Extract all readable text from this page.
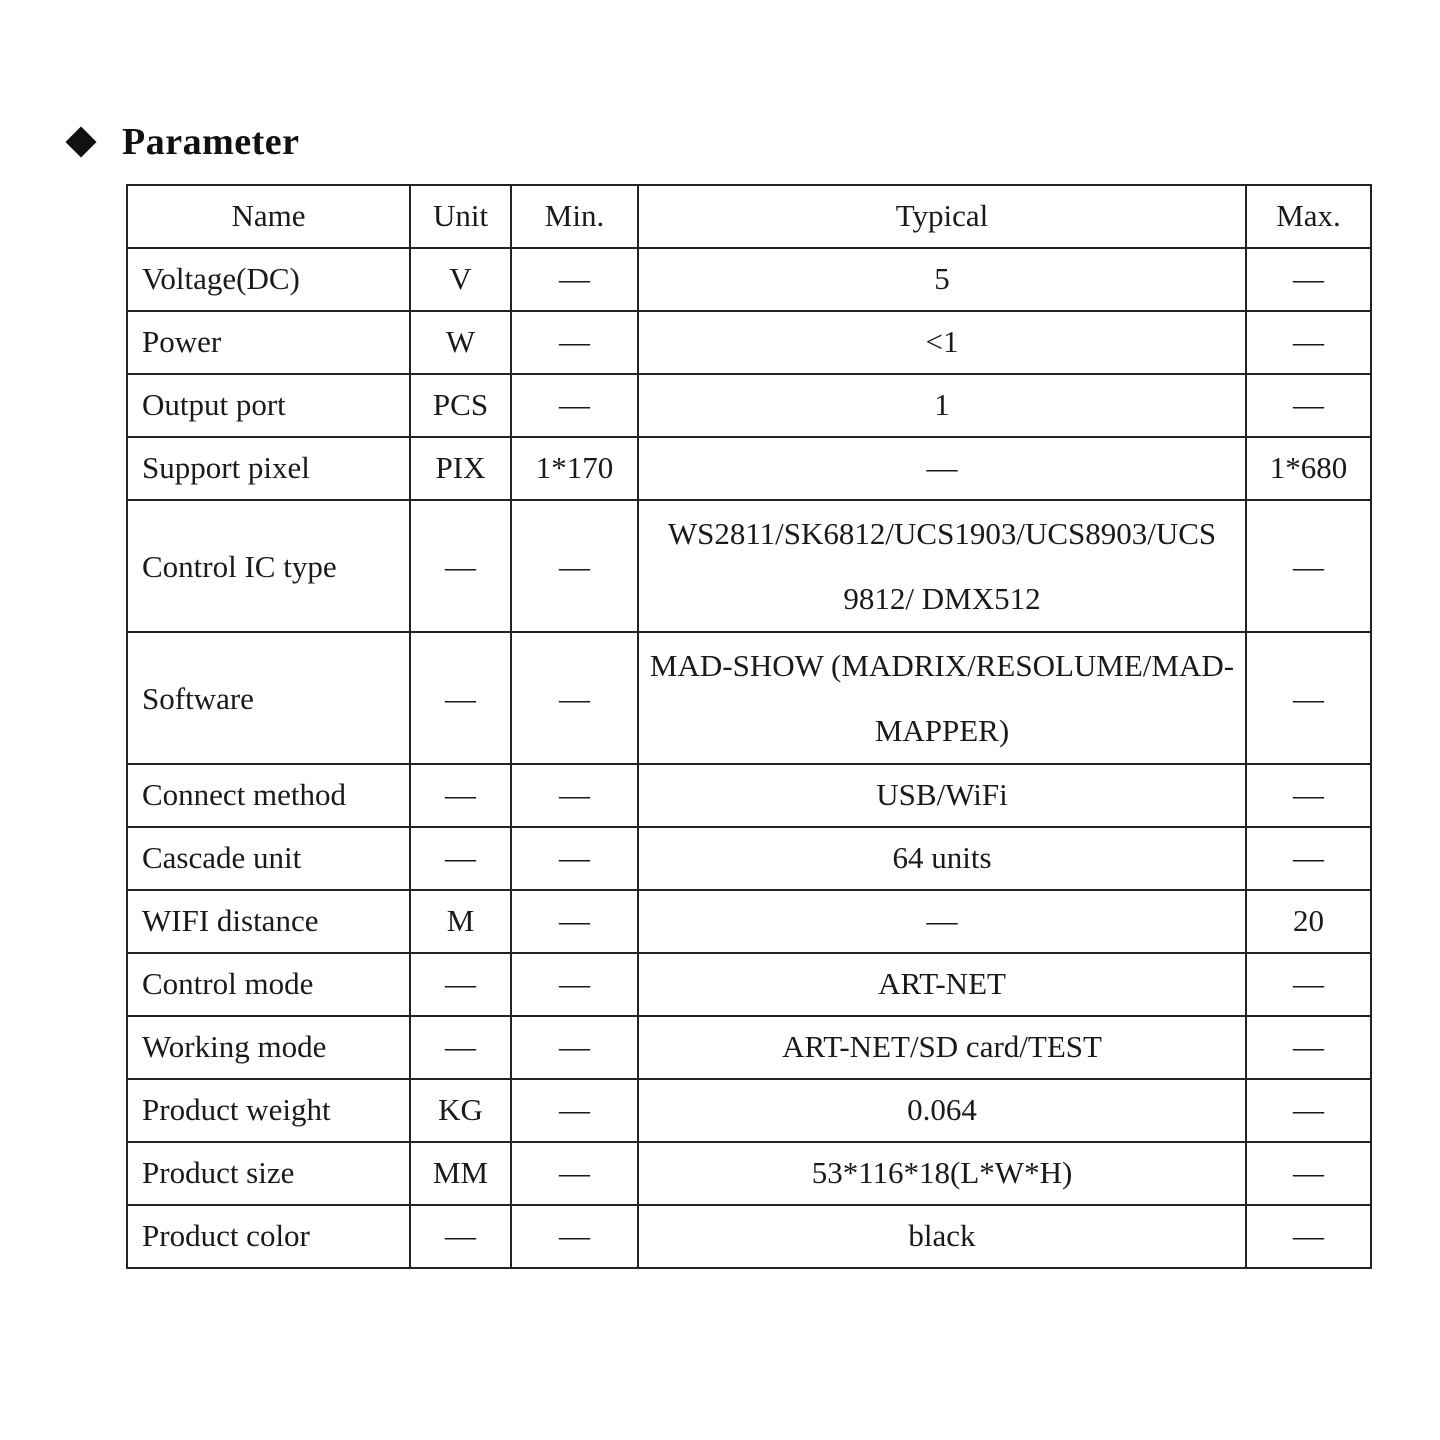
Parameter
Name	Unit	Min.	Typical	Max.
Voltage(DC)	V	—	5	—
Power	W	—	<1	—
Output port	PCS	—	1	—
Support pixel	PIX	1*170	—	1*680
Control IC type	—	—	WS2811/SK6812/UCS1903/UCS8903/UCS 9812/ DMX512	—
Software	—	—	MAD-SHOW (MADRIX/RESOLUME/MAD-MAPPER)	—
Connect method	—	—	USB/WiFi	—
Cascade unit	—	—	64 units	—
WIFI distance	M	—	—	20
Control mode	—	—	ART-NET	—
Working mode	—	—	ART-NET/SD card/TEST	—
Product weight	KG	—	0.064	—
Product size	MM	—	53*116*18(L*W*H)	—
Product color	—	—	black	—
